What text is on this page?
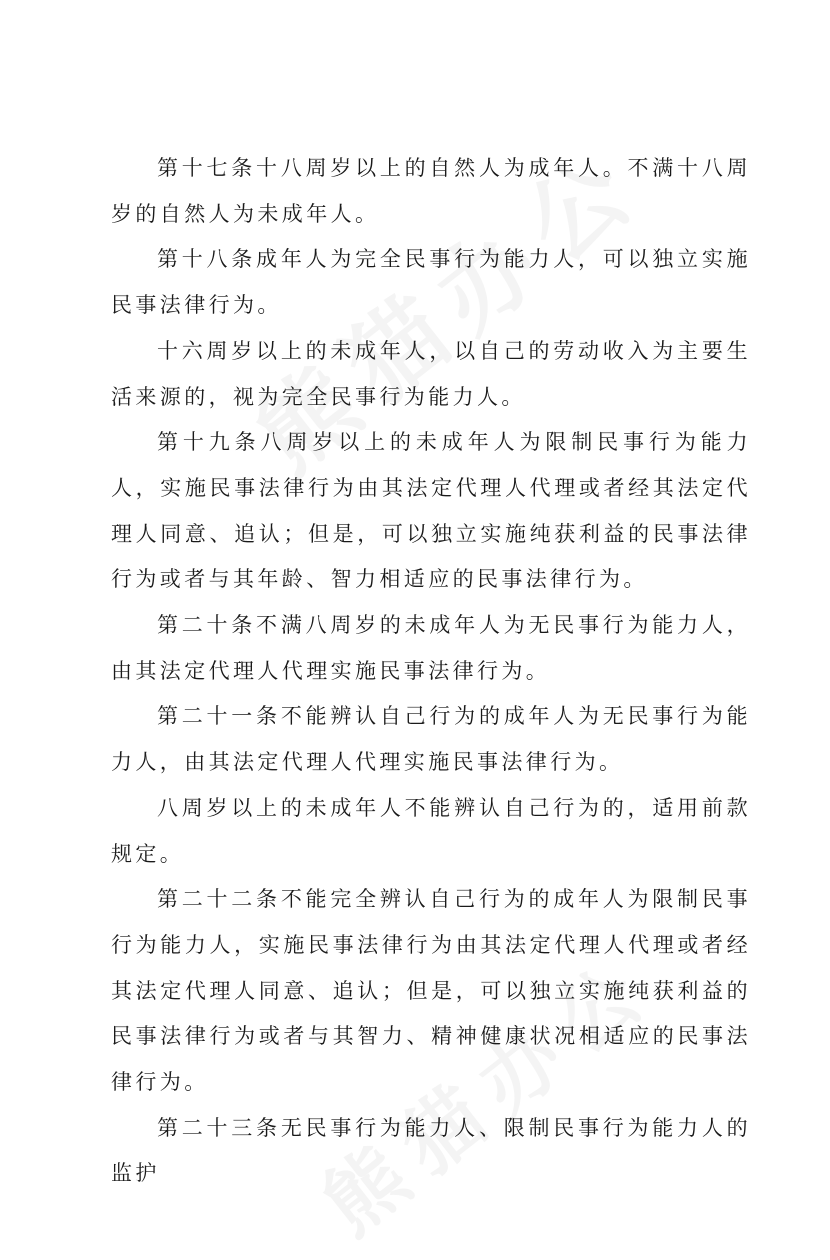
第十七条十八周岁以上的自然人为成年人。不满十八周岁的自然人为未成年人。

第十八条成年人为完全民事行为能力人，可以独立实施民事法律行为。

十六周岁以上的未成年人，以自己的劳动收入为主要生活来源的，视为完全民事行为能力人。

第十九条八周岁以上的未成年人为限制民事行为能力人，实施民事法律行为由其法定代理人代理或者经其法定代理人同意、追认；但是，可以独立实施纯获利益的民事法律行为或者与其年龄、智力相适应的民事法律行为。

第二十条不满八周岁的未成年人为无民事行为能力人，由其法定代理人代理实施民事法律行为。

第二十一条不能辨认自己行为的成年人为无民事行为能力人，由其法定代理人代理实施民事法律行为。

八周岁以上的未成年人不能辨认自己行为的，适用前款规定。

第二十二条不能完全辨认自己行为的成年人为限制民事行为能力人，实施民事法律行为由其法定代理人代理或者经其法定代理人同意、追认；但是，可以独立实施纯获利益的民事法律行为或者与其智力、精神健康状况相适应的民事法律行为。

第二十三条无民事行为能力人、限制民事行为能力人的监护
